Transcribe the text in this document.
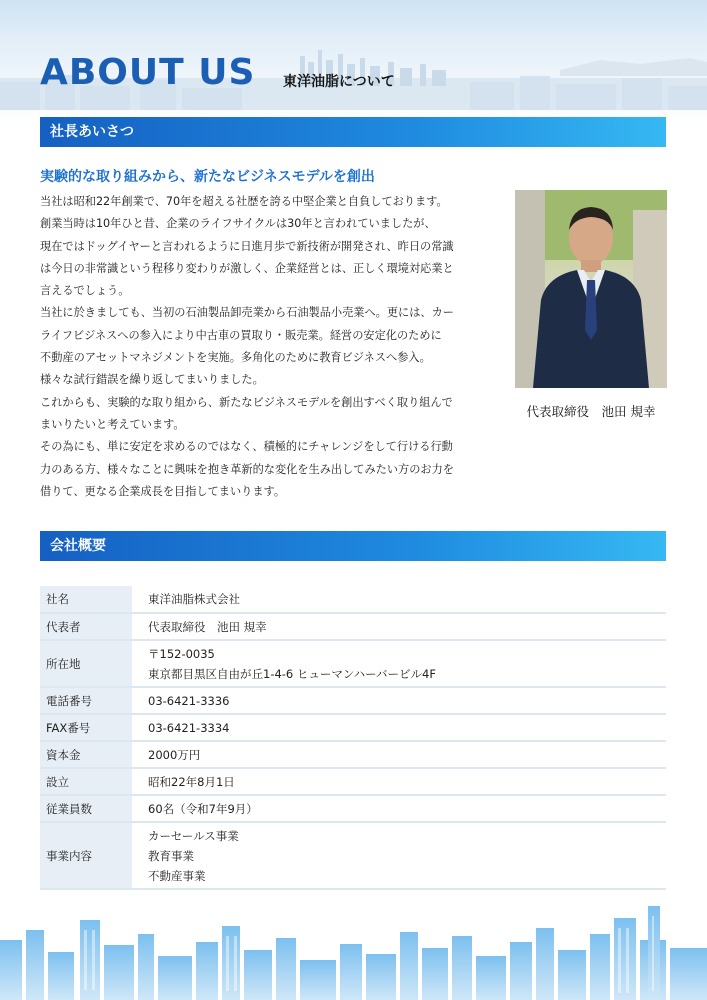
ABOUT US 東洋油脂について
社長あいさつ
実験的な取り組みから、新たなビジネスモデルを創出

当社は昭和22年創業で、70年を超える社歴を誇る中堅企業と自負しております。

創業当時は10年ひと昔、企業のライフサイクルは30年と言われていましたが、

現在ではドッグイヤーと言われるように日進月歩で新技術が開発され、昨日の常識

は今日の非常識という程移り変わりが激しく、企業経営とは、正しく環境対応業と

言えるでしょう。

当社に於きましても、当初の石油製品卸売業から石油製品小売業へ。更には、カー

ライフビジネスへの参入により中古車の買取り・販売業。経営の安定化のために

不動産のアセットマネジメントを実施。多角化のために教育ビジネスへ参入。

様々な試行錯誤を繰り返してまいりました。

これからも、実験的な取り組から、新たなビジネスモデルを創出すべく取り組んで

まいりたいと考えています。

その為にも、単に安定を求めるのではなく、積極的にチャレンジをして行ける行動

力のある方、様々なことに興味を抱き革新的な変化を生み出してみたい方のお力を

借りて、更なる企業成長を目指してまいります。

代表取締役　池田 規幸
会社概要
社名	東洋油脂株式会社

代表者	代表取締役　池田 規幸

所在地	〒152-0035
東京都目黒区自由が丘1-4-6 ヒューマンハーバービル4F

電話番号	03-6421-3336

FAX番号	03-6421-3334

資本金	2000万円

設立	昭和22年8月1日

従業員数	60名（令和7年9月）

事業内容	カーセールス事業
教育事業
不動産事業
